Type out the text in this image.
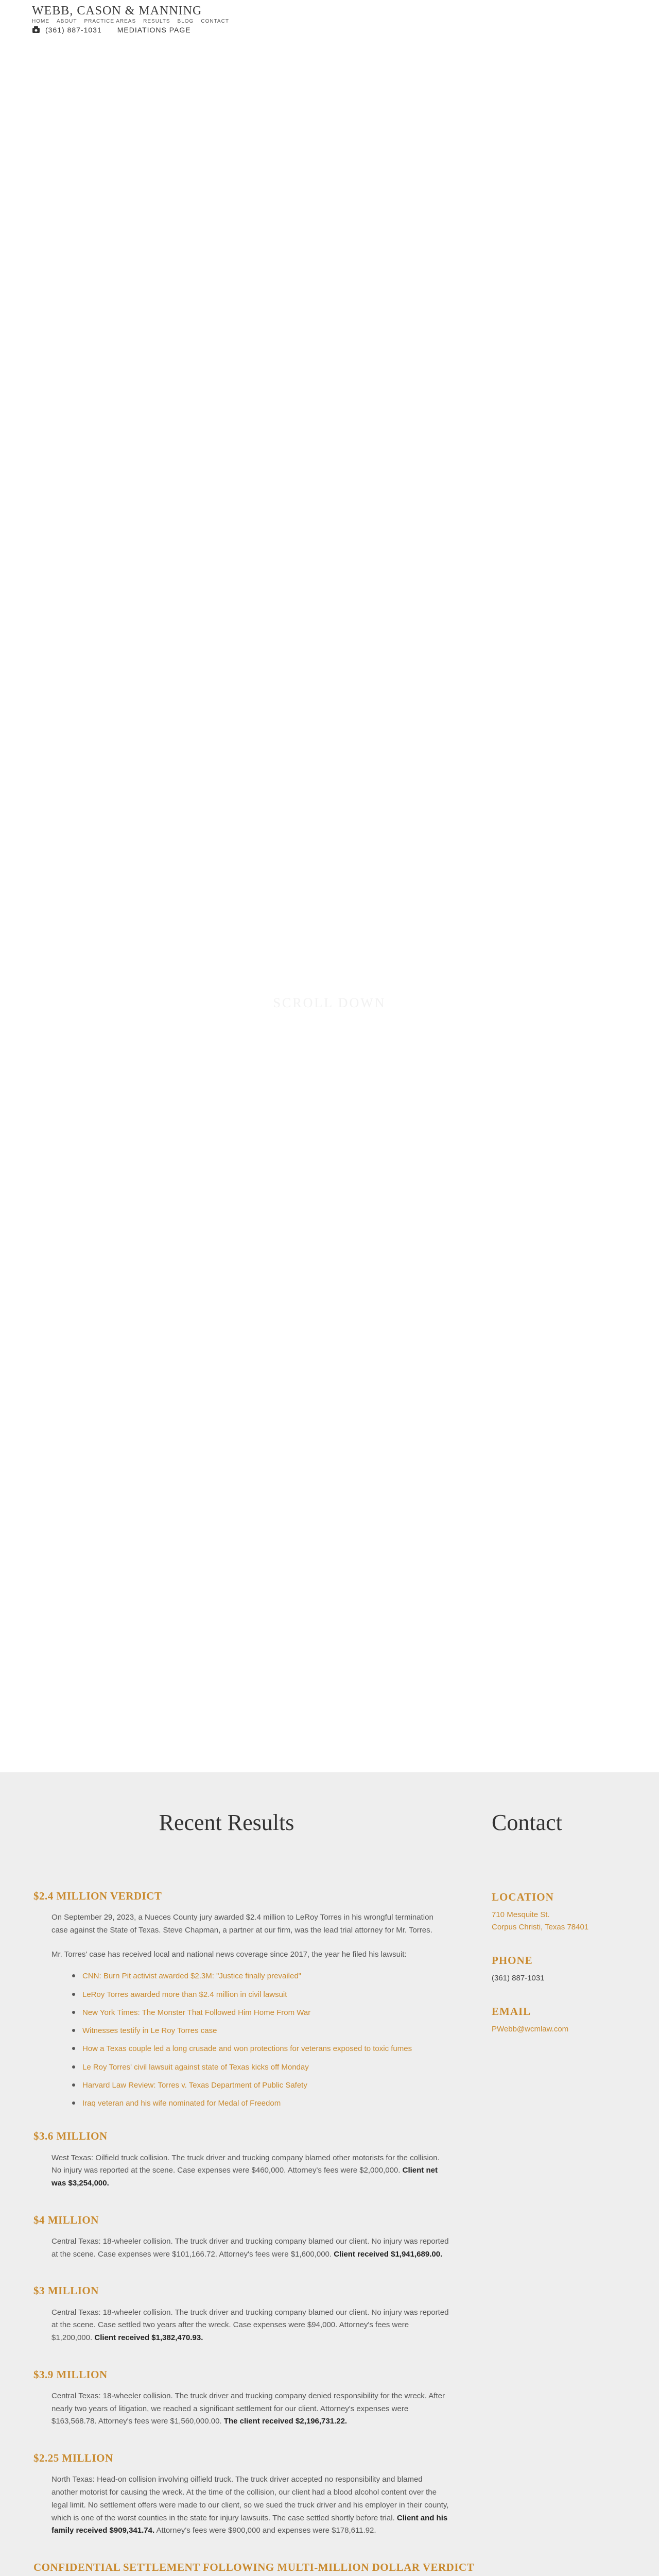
SCROLL DOWN
WEBB, CASON & MANNING
HOME ABOUT PRACTICE AREAS RESULTS BLOG CONTACT
(361) 887-1031 MEDIATIONS PAGE
Recent Results	Contact
$2.4 MILLION VERDICT

On September 29, 2023, a Nueces County jury awarded $2.4 million to LeRoy Torres in his wrongful termination case against the State of Texas. Steve Chapman, a partner at our firm, was the lead trial attorney for Mr. Torres.

Mr. Torres' case has received local and national news coverage since 2017, the year he filed his lawsuit:

CNN: Burn Pit activist awarded $2.3M: "Justice finally prevailed"
LeRoy Torres awarded more than $2.4 million in civil lawsuit
New York Times: The Monster That Followed Him Home From War
Witnesses testify in Le Roy Torres case
How a Texas couple led a long crusade and won protections for veterans exposed to toxic fumes
Le Roy Torres' civil lawsuit against state of Texas kicks off Monday
Harvard Law Review: Torres v. Texas Department of Public Safety
Iraq veteran and his wife nominated for Medal of Freedom
$3.6 MILLION
West Texas: Oilfield truck collision. The truck driver and trucking company blamed other motorists for the collision. No injury was reported at the scene. Case expenses were $460,000. Attorney's fees were $2,000,000. Client net was $3,254,000.
$4 MILLION
Central Texas: 18-wheeler collision. The truck driver and trucking company blamed our client. No injury was reported at the scene. Case expenses were $101,166.72. Attorney's fees were $1,600,000. Client received $1,941,689.00.
$3 MILLION
Central Texas: 18-wheeler collision. The truck driver and trucking company blamed our client. No injury was reported at the scene. Case settled two years after the wreck. Case expenses were $94,000. Attorney's fees were $1,200,000. Client received $1,382,470.93.
$3.9 MILLION
Central Texas: 18-wheeler collision. The truck driver and trucking company denied responsibility for the wreck. After nearly two years of litigation, we reached a significant settlement for our client. Attorney's expenses were $163,568.78. Attorney's fees were $1,560,000.00. The client received $2,196,731.22.
$2.25 MILLION
North Texas: Head-on collision involving oilfield truck. The truck driver accepted no responsibility and blamed another motorist for causing the wreck. At the time of the collision, our client had a blood alcohol content over the legal limit. No settlement offers were made to our client, so we sued the truck driver and his employer in their county, which is one of the worst counties in the state for injury lawsuits. The case settled shortly before trial. Client and his family received $909,341.74. Attorney's fees were $900,000 and expenses were $178,611.92.
CONFIDENTIAL SETTLEMENT FOLLOWING MULTI-MILLION DOLLAR VERDICT
LOCATION
710 Mesquite St.
Corpus Christi, Texas 78401
PHONE
(361) 887-1031
EMAIL
PWebb@wcmlaw.com
